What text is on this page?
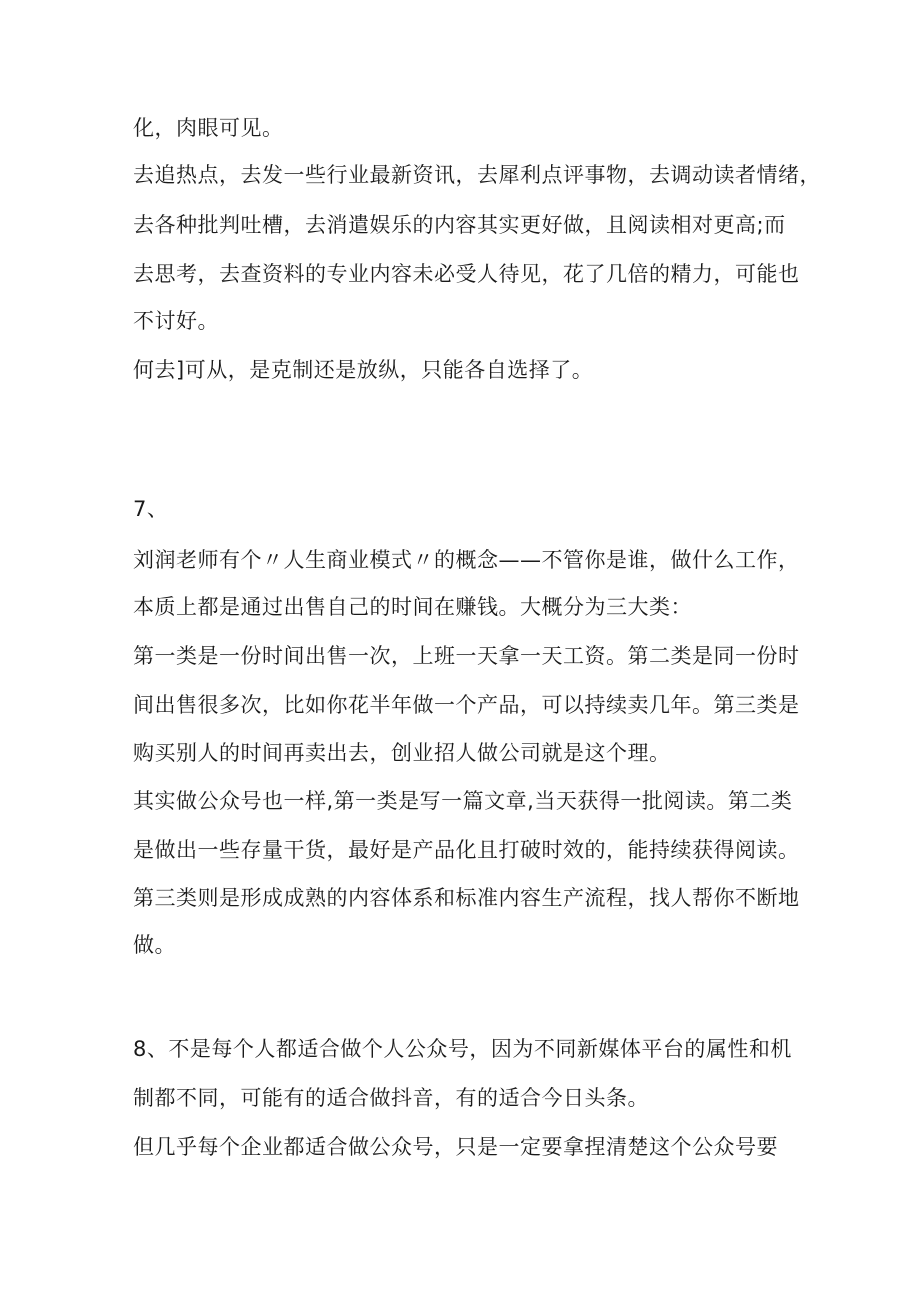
化，肉眼可见。
去追热点，去发一些行业最新资讯，去犀利点评事物，去调动读者情绪，
去各种批判吐槽，去消遣娱乐的内容其实更好做，且阅读相对更高;而
去思考，去查资料的专业内容未必受人待见，花了几倍的精力，可能也
不讨好。
何去]可从，是克制还是放纵，只能各自选择了。
7、
刘润老师有个〃人生商业模式〃的概念——不管你是谁，做什么工作，
本质上都是通过出售自己的时间在赚钱。大概分为三大类：
第一类是一份时间出售一次，上班一天拿一天工资。第二类是同一份时
间出售很多次，比如你花半年做一个产品，可以持续卖几年。第三类是
购买别人的时间再卖出去，创业招人做公司就是这个理。
其实做公众号也一样,第一类是写一篇文章,当天获得一批阅读。第二类
是做出一些存量干货，最好是产品化且打破时效的，能持续获得阅读。
第三类则是形成成熟的内容体系和标准内容生产流程，找人帮你不断地
做。
8、不是每个人都适合做个人公众号，因为不同新媒体平台的属性和机
制都不同，可能有的适合做抖音，有的适合今日头条。
但几乎每个企业都适合做公众号，只是一定要拿捏清楚这个公众号要
